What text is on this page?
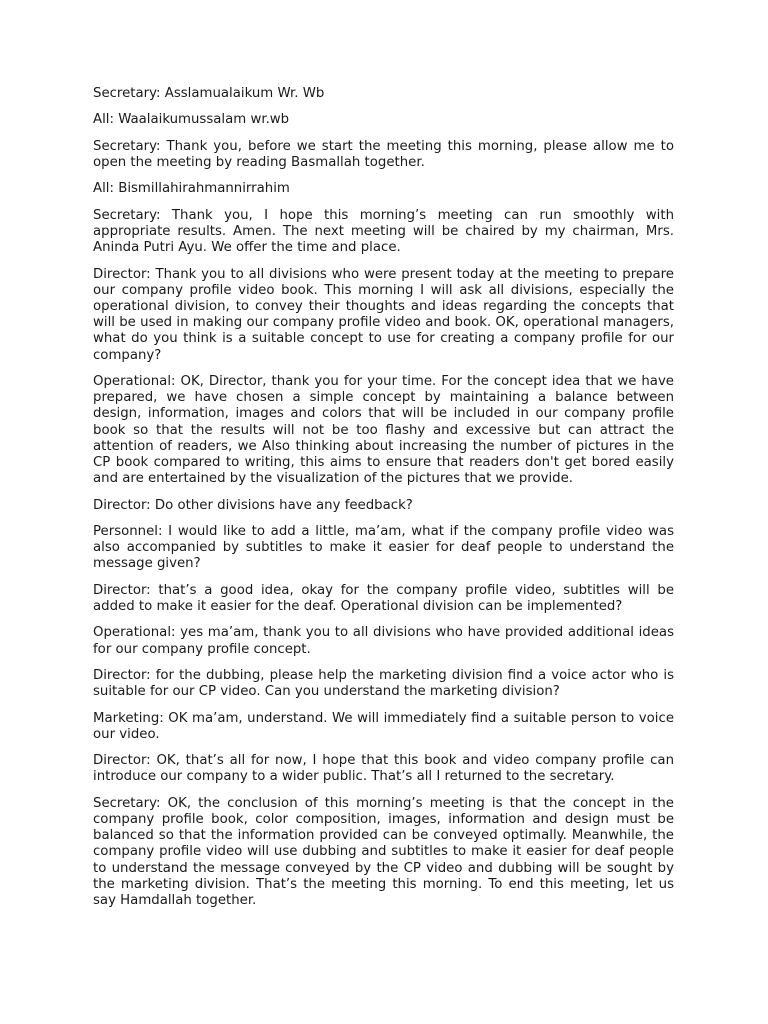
Secretary: Asslamualaikum Wr. Wb

All: Waalaikumussalam wr.wb

Secretary: Thank you, before we start the meeting this morning, please allow me to open the meeting by reading Basmallah together.

All: Bismillahirahmannirrahim

Secretary: Thank you, I hope this morning’s meeting can run smoothly with appropriate results. Amen. The next meeting will be chaired by my chairman, Mrs. Aninda Putri Ayu. We offer the time and place.

Director: Thank you to all divisions who were present today at the meeting to prepare our company profile video book. This morning I will ask all divisions, especially the operational division, to convey their thoughts and ideas regarding the concepts that will be used in making our company profile video and book. OK, operational managers, what do you think is a suitable concept to use for creating a company profile for our company?

Operational: OK, Director, thank you for your time. For the concept idea that we have prepared, we have chosen a simple concept by maintaining a balance between design, information, images and colors that will be included in our company profile book so that the results will not be too flashy and excessive but can attract the attention of readers, we Also thinking about increasing the number of pictures in the CP book compared to writing, this aims to ensure that readers don't get bored easily and are entertained by the visualization of the pictures that we provide.

Director: Do other divisions have any feedback?

Personnel: I would like to add a little, ma’am, what if the company profile video was also accompanied by subtitles to make it easier for deaf people to understand the message given?

Director: that’s a good idea, okay for the company profile video, subtitles will be added to make it easier for the deaf. Operational division can be implemented?

Operational: yes ma’am, thank you to all divisions who have provided additional ideas for our company profile concept.

Director: for the dubbing, please help the marketing division find a voice actor who is suitable for our CP video. Can you understand the marketing division?

Marketing: OK ma’am, understand. We will immediately find a suitable person to voice our video.

Director: OK, that’s all for now, I hope that this book and video company profile can introduce our company to a wider public. That’s all I returned to the secretary.

Secretary: OK, the conclusion of this morning’s meeting is that the concept in the company profile book, color composition, images, information and design must be balanced so that the information provided can be conveyed optimally. Meanwhile, the company profile video will use dubbing and subtitles to make it easier for deaf people to understand the message conveyed by the CP video and dubbing will be sought by the marketing division. That’s the meeting this morning. To end this meeting, let us say Hamdallah together.
